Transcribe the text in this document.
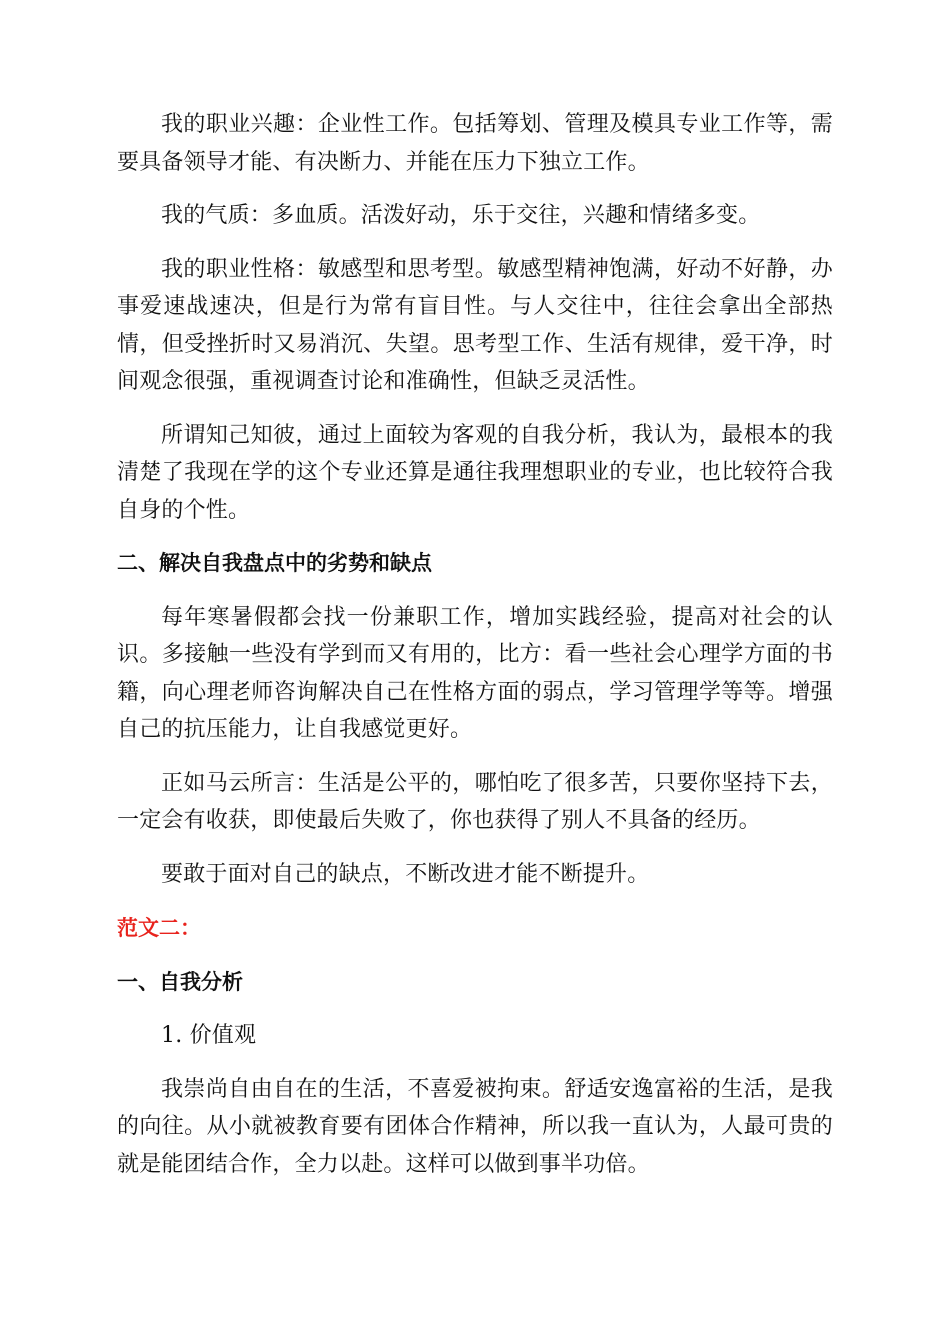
我的职业兴趣：企业性工作。包括筹划、管理及模具专业工作等，需要具备领导才能、有决断力、并能在压力下独立工作。

我的气质：多血质。活泼好动，乐于交往，兴趣和情绪多变。

我的职业性格：敏感型和思考型。敏感型精神饱满，好动不好静，办事爱速战速决，但是行为常有盲目性。与人交往中，往往会拿出全部热情，但受挫折时又易消沉、失望。思考型工作、生活有规律，爱干净，时间观念很强，重视调查讨论和准确性，但缺乏灵活性。

所谓知己知彼，通过上面较为客观的自我分析，我认为，最根本的我清楚了我现在学的这个专业还算是通往我理想职业的专业，也比较符合我自身的个性。

二、解决自我盘点中的劣势和缺点

每年寒暑假都会找一份兼职工作，增加实践经验，提高对社会的认识。多接触一些没有学到而又有用的，比方：看一些社会心理学方面的书籍，向心理老师咨询解决自己在性格方面的弱点，学习管理学等等。增强自己的抗压能力，让自我感觉更好。

正如马云所言：生活是公平的，哪怕吃了很多苦，只要你坚持下去，一定会有收获，即使最后失败了，你也获得了别人不具备的经历。

要敢于面对自己的缺点，不断改进才能不断提升。

范文二：

一、自我分析

1. 价值观

我崇尚自由自在的生活，不喜爱被拘束。舒适安逸富裕的生活，是我的向往。从小就被教育要有团体合作精神，所以我一直认为，人最可贵的就是能团结合作，全力以赴。这样可以做到事半功倍。
